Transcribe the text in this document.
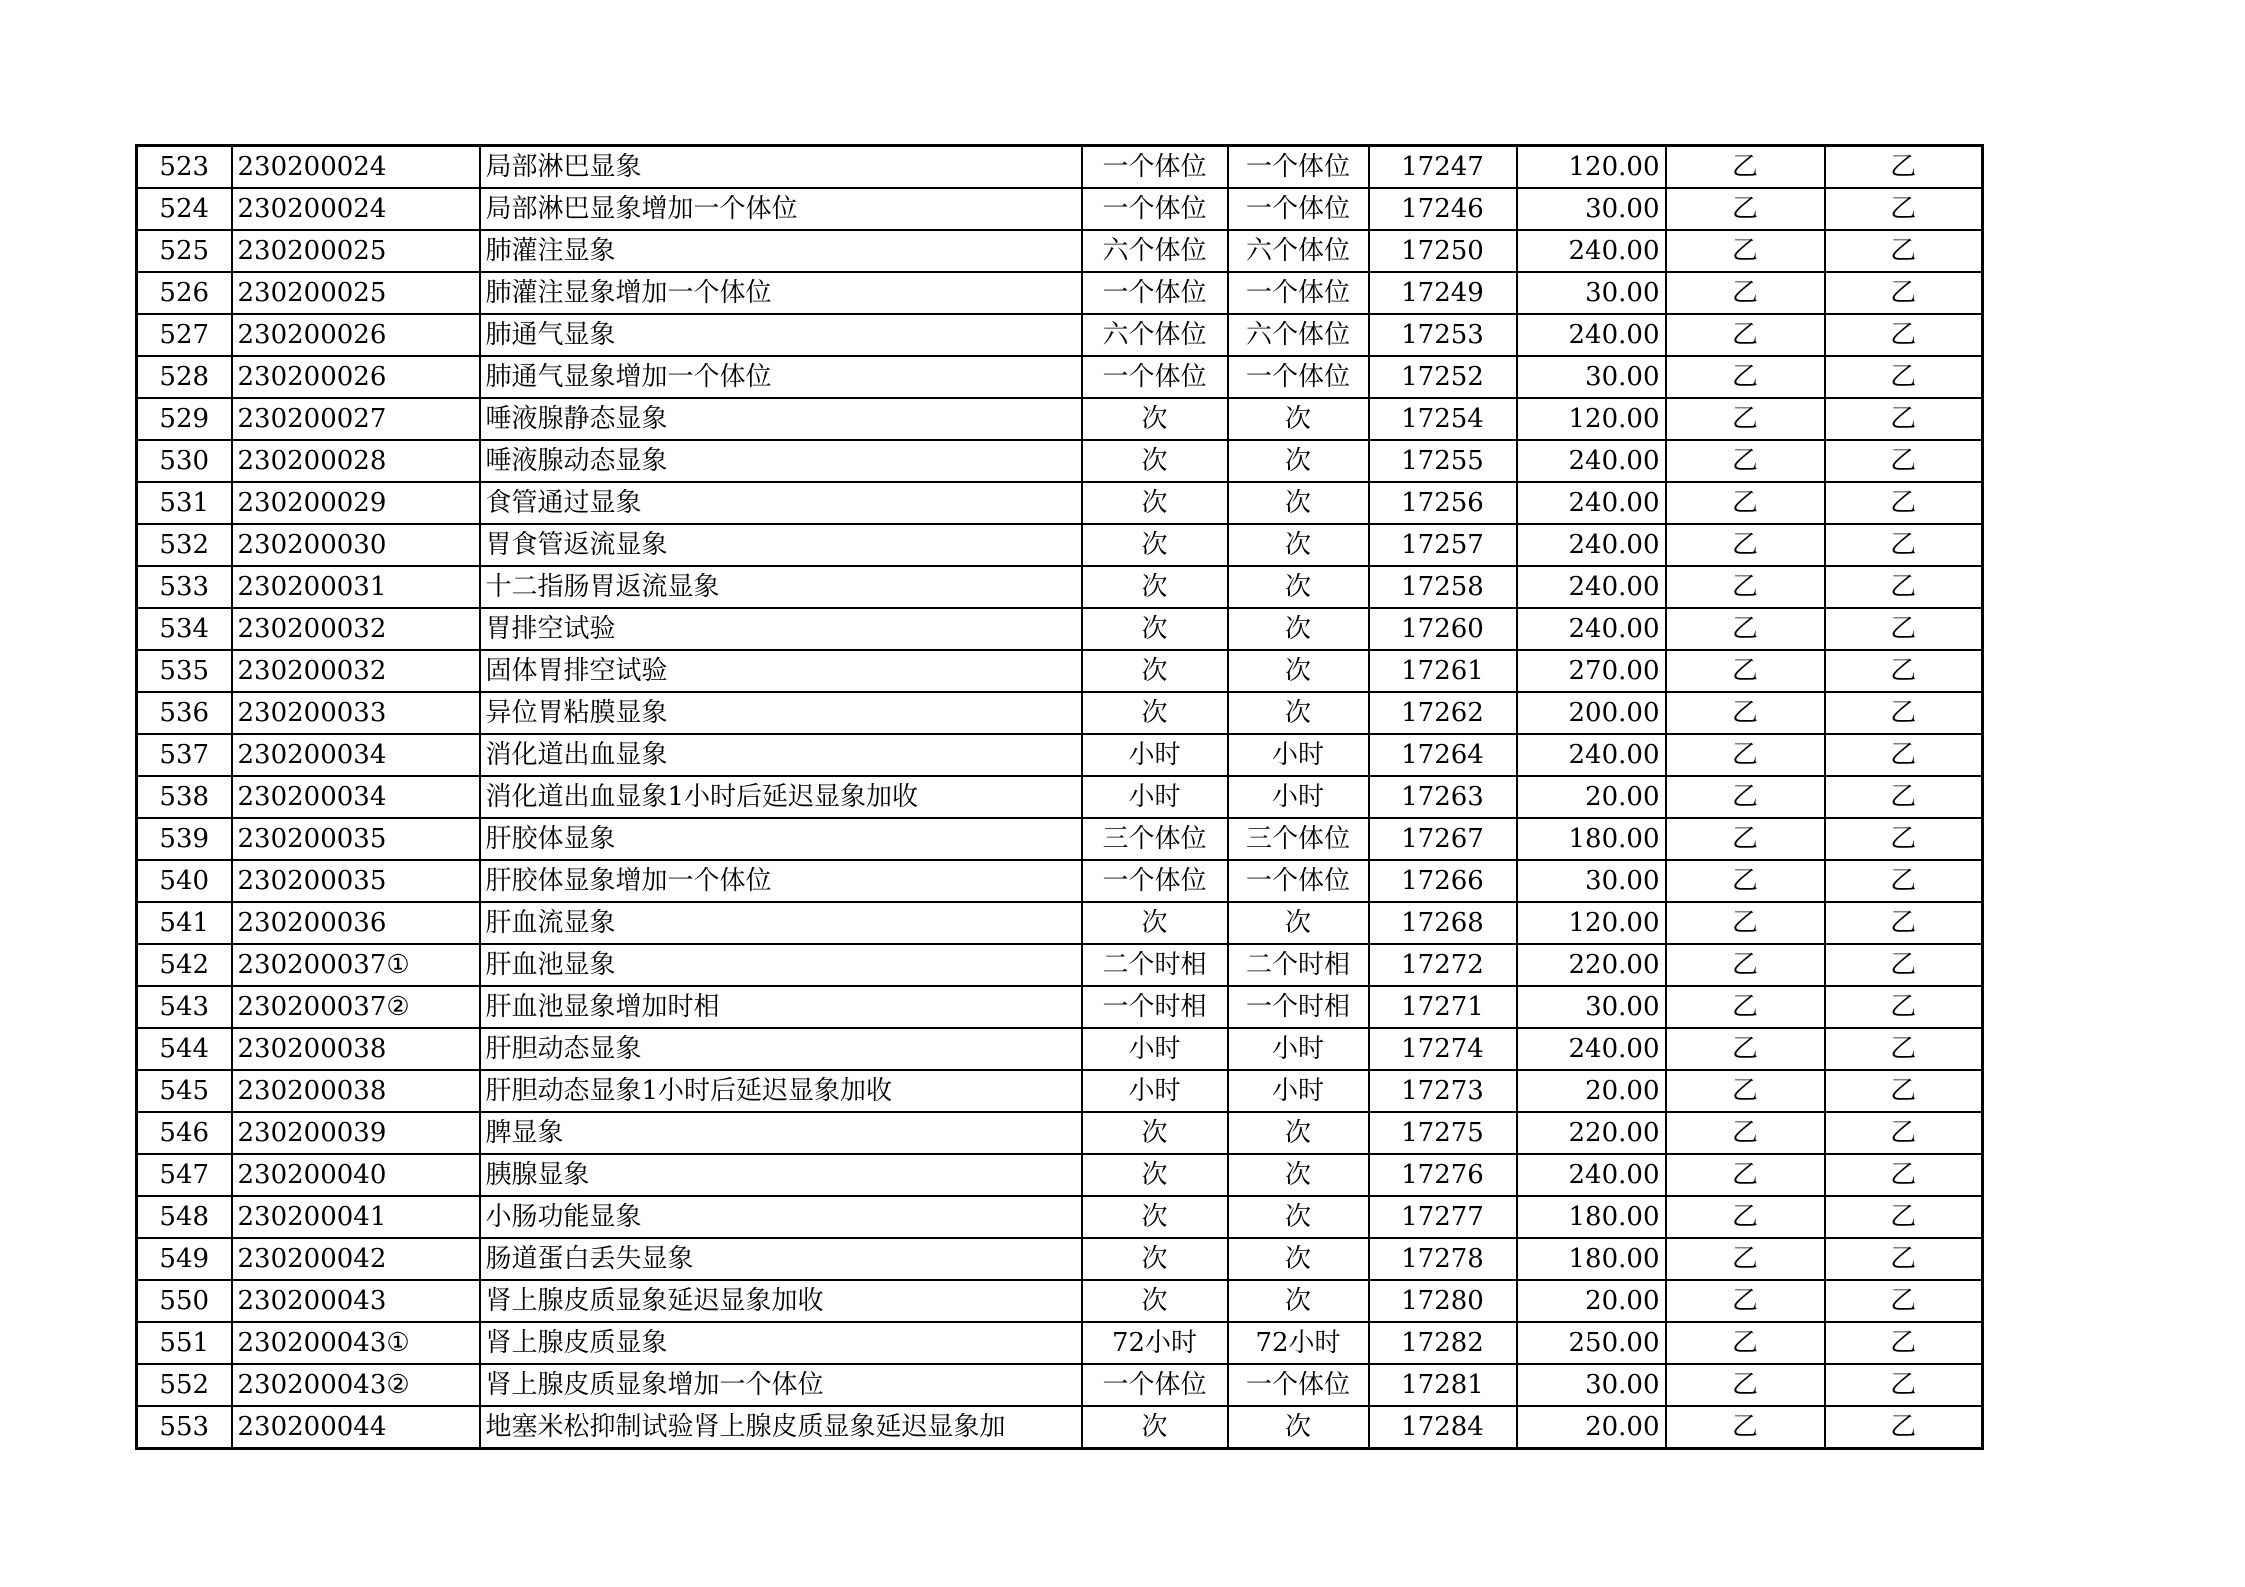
523	230200024	局部淋巴显象	一个体位	一个体位	17247	120.00	乙	乙
524	230200024	局部淋巴显象增加一个体位	一个体位	一个体位	17246	30.00	乙	乙
525	230200025	肺灌注显象	六个体位	六个体位	17250	240.00	乙	乙
526	230200025	肺灌注显象增加一个体位	一个体位	一个体位	17249	30.00	乙	乙
527	230200026	肺通气显象	六个体位	六个体位	17253	240.00	乙	乙
528	230200026	肺通气显象增加一个体位	一个体位	一个体位	17252	30.00	乙	乙
529	230200027	唾液腺静态显象	次	次	17254	120.00	乙	乙
530	230200028	唾液腺动态显象	次	次	17255	240.00	乙	乙
531	230200029	食管通过显象	次	次	17256	240.00	乙	乙
532	230200030	胃食管返流显象	次	次	17257	240.00	乙	乙
533	230200031	十二指肠胃返流显象	次	次	17258	240.00	乙	乙
534	230200032	胃排空试验	次	次	17260	240.00	乙	乙
535	230200032	固体胃排空试验	次	次	17261	270.00	乙	乙
536	230200033	异位胃粘膜显象	次	次	17262	200.00	乙	乙
537	230200034	消化道出血显象	小时	小时	17264	240.00	乙	乙
538	230200034	消化道出血显象1小时后延迟显象加收	小时	小时	17263	20.00	乙	乙
539	230200035	肝胶体显象	三个体位	三个体位	17267	180.00	乙	乙
540	230200035	肝胶体显象增加一个体位	一个体位	一个体位	17266	30.00	乙	乙
541	230200036	肝血流显象	次	次	17268	120.00	乙	乙
542	230200037①	肝血池显象	二个时相	二个时相	17272	220.00	乙	乙
543	230200037②	肝血池显象增加时相	一个时相	一个时相	17271	30.00	乙	乙
544	230200038	肝胆动态显象	小时	小时	17274	240.00	乙	乙
545	230200038	肝胆动态显象1小时后延迟显象加收	小时	小时	17273	20.00	乙	乙
546	230200039	脾显象	次	次	17275	220.00	乙	乙
547	230200040	胰腺显象	次	次	17276	240.00	乙	乙
548	230200041	小肠功能显象	次	次	17277	180.00	乙	乙
549	230200042	肠道蛋白丢失显象	次	次	17278	180.00	乙	乙
550	230200043	肾上腺皮质显象延迟显象加收	次	次	17280	20.00	乙	乙
551	230200043①	肾上腺皮质显象	72小时	72小时	17282	250.00	乙	乙
552	230200043②	肾上腺皮质显象增加一个体位	一个体位	一个体位	17281	30.00	乙	乙
553	230200044	地塞米松抑制试验肾上腺皮质显象延迟显象加	次	次	17284	20.00	乙	乙
